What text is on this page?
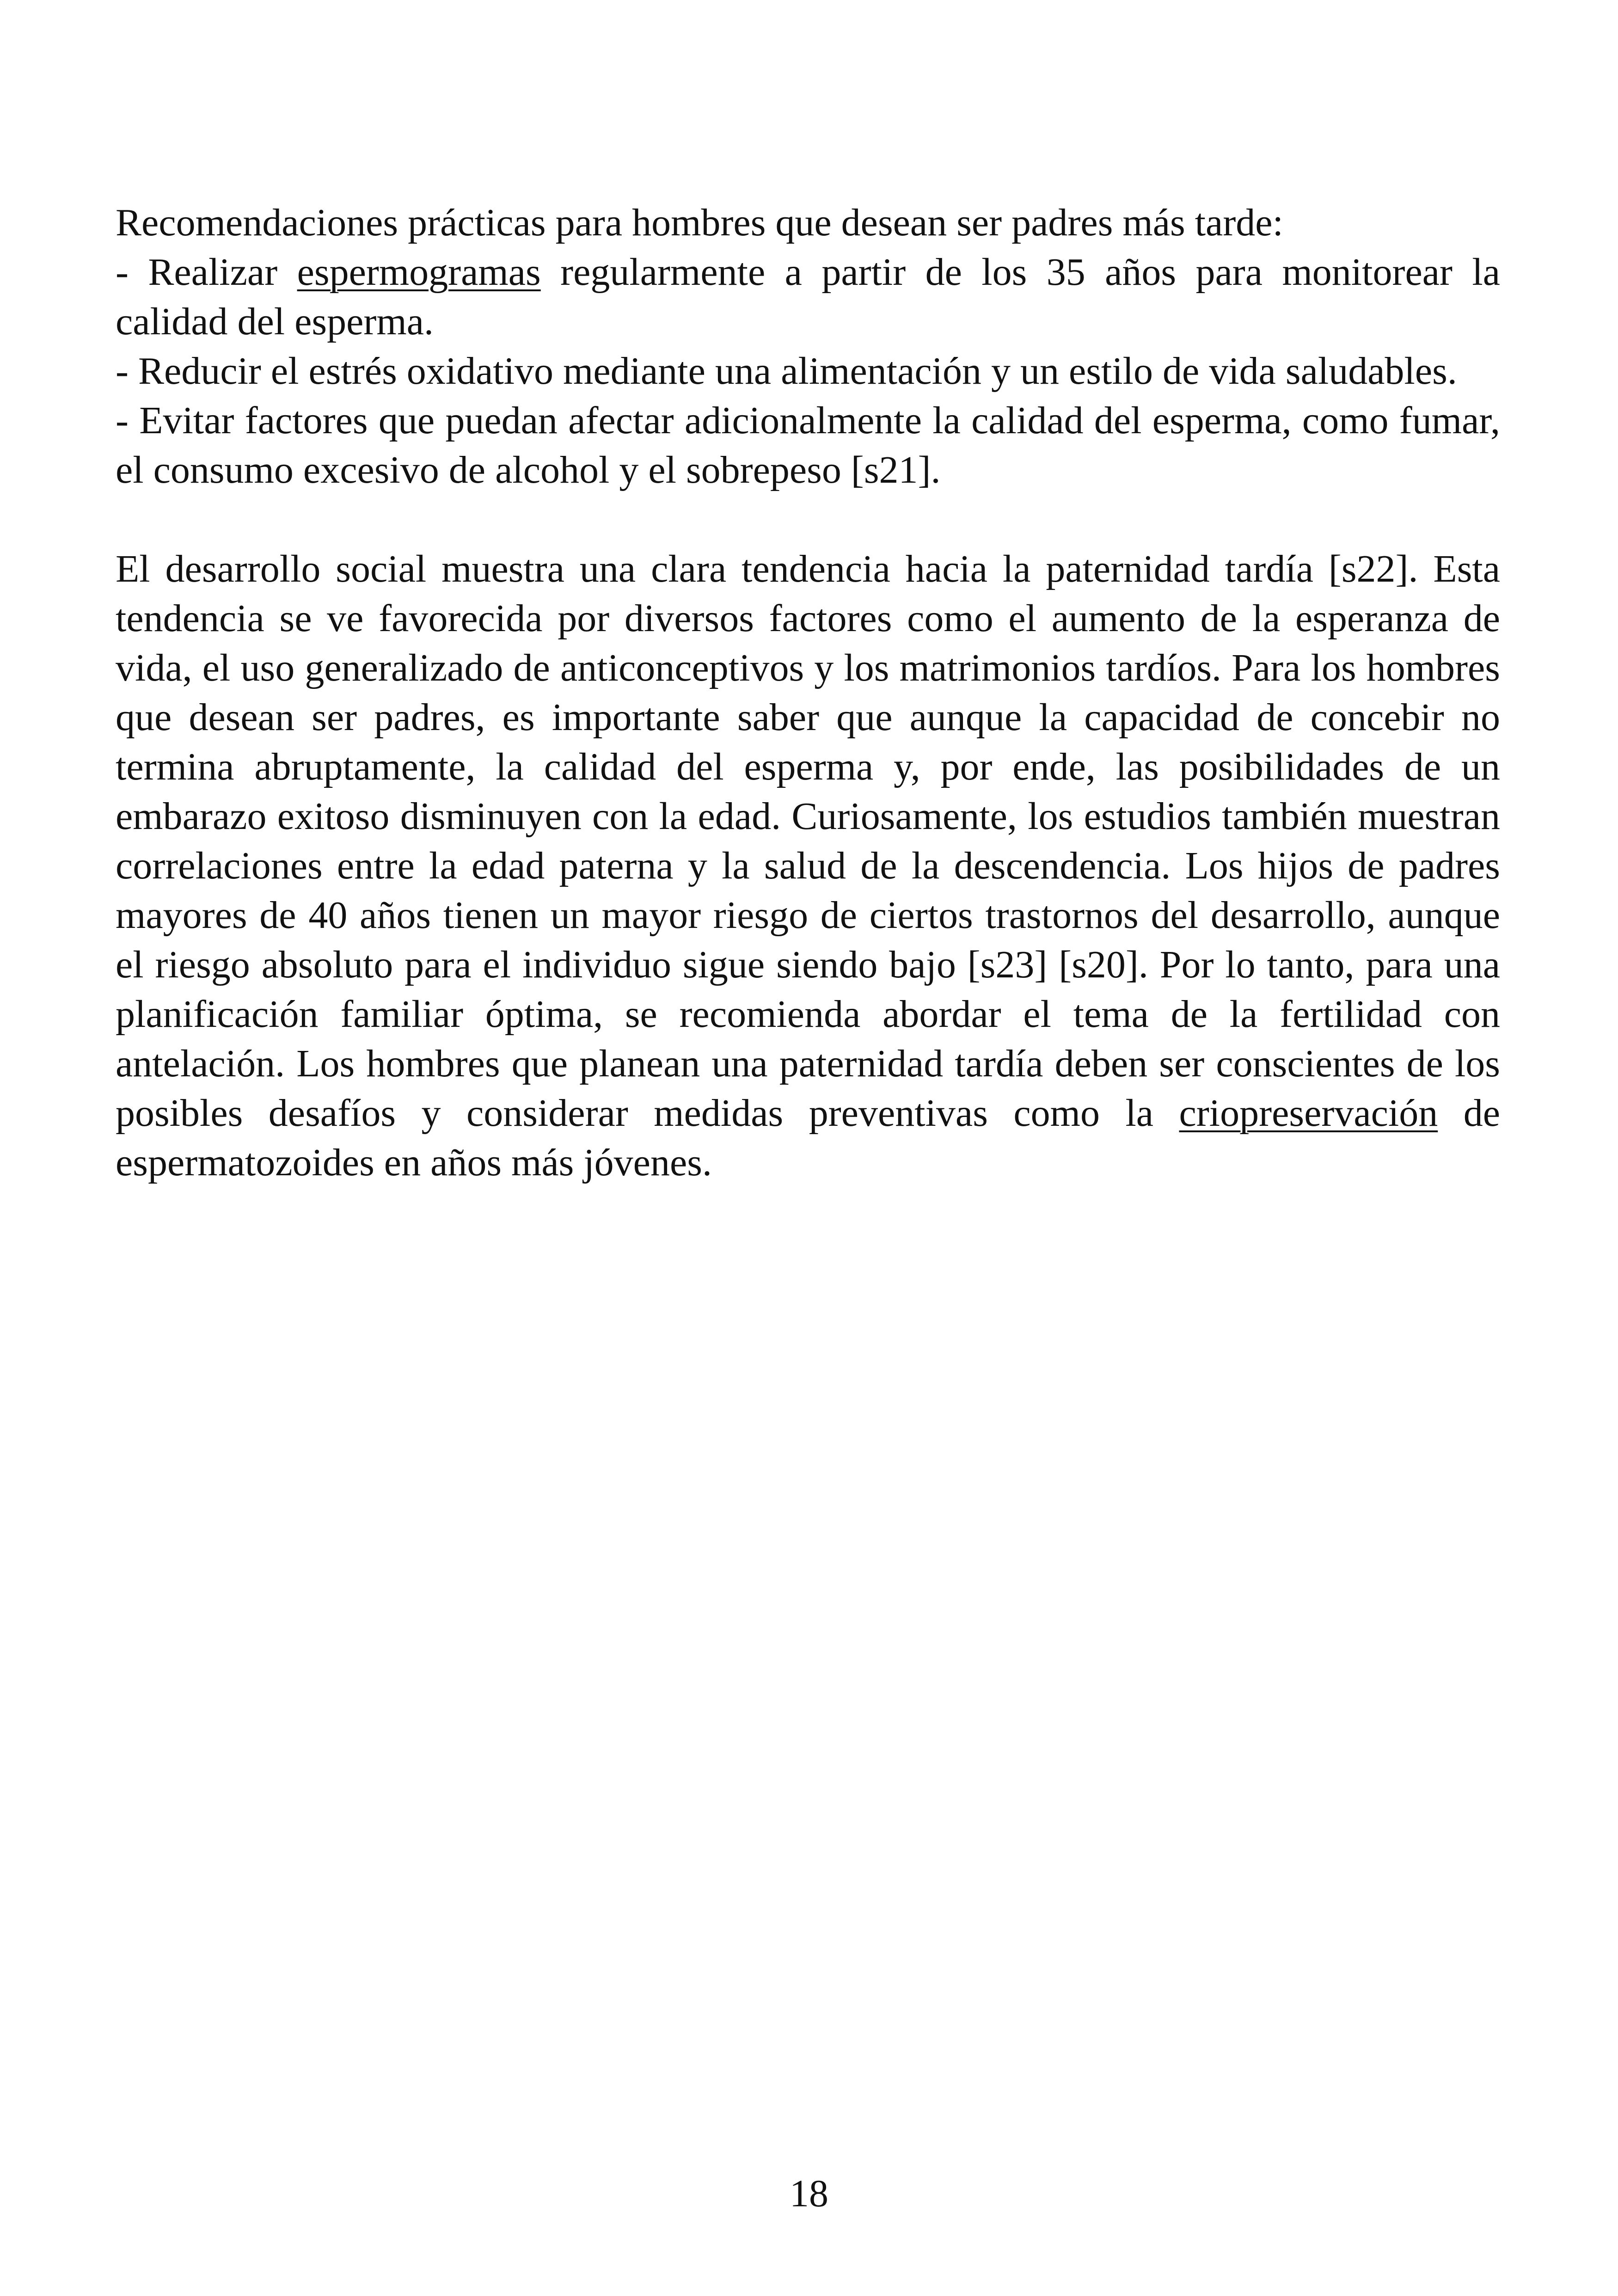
Recomendaciones prácticas para hombres que desean ser padres más tarde:

- Realizar espermogramas regularmente a partir de los 35 años para monitorear la calidad del esperma.

- Reducir el estrés oxidativo mediante una alimentación y un estilo de vida saludables.

- Evitar factores que puedan afectar adicionalmente la calidad del esperma, como fumar, el consumo excesivo de alcohol y el sobrepeso [s21].

El desarrollo social muestra una clara tendencia hacia la paternidad tardía [s22]. Esta tendencia se ve favorecida por diversos factores como el aumento de la esperanza de vida, el uso generalizado de anticonceptivos y los matrimonios tardíos. Para los hombres que desean ser padres, es importante saber que aunque la capacidad de concebir no termina abruptamente, la calidad del esperma y, por ende, las posibilidades de un embarazo exitoso disminuyen con la edad. Curiosamente, los estudios también muestran correlaciones entre la edad paterna y la salud de la descendencia. Los hijos de padres mayores de 40 años tienen un mayor riesgo de ciertos trastornos del desarrollo, aunque el riesgo absoluto para el individuo sigue siendo bajo [s23] [s20]. Por lo tanto, para una planificación familiar óptima, se recomienda abordar el tema de la fertilidad con antelación. Los hombres que planean una paternidad tardía deben ser conscientes de los posibles desafíos y considerar medidas preventivas como la criopreservación de espermatozoides en años más jóvenes.

18
